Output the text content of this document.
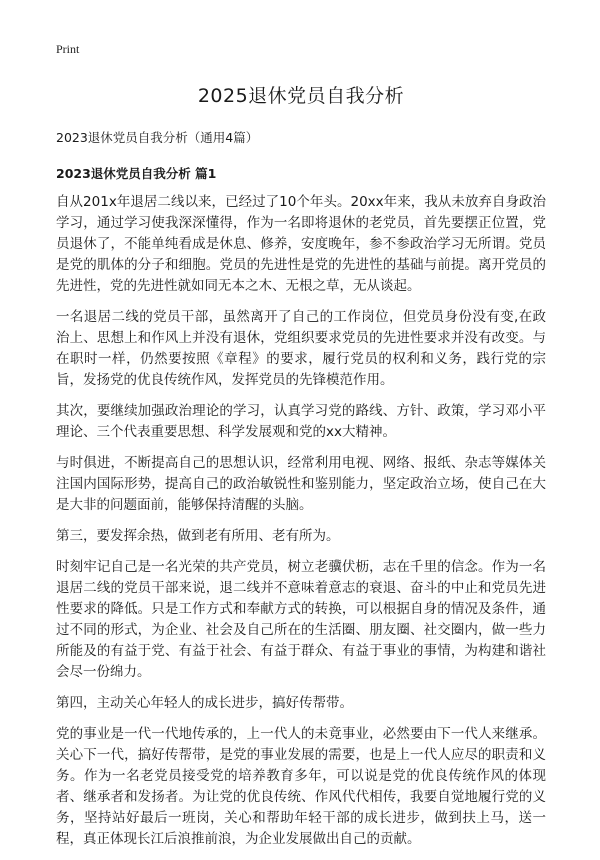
Print
2025退休党员自我分析

2023退休党员自我分析（通用4篇）

2023退休党员自我分析 篇1

自从201x年退居二线以来，已经过了10个年头。20xx年来，我从未放弃自身政治学习，通过学习使我深深懂得，作为一名即将退休的老党员，首先要摆正位置，党员退休了，不能单纯看成是休息、修养，安度晚年，参不参政治学习无所谓。党员是党的肌体的分子和细胞。党员的先进性是党的先进性的基础与前提。离开党员的先进性，党的先进性就如同无本之木、无根之草，无从谈起。

一名退居二线的党员干部，虽然离开了自己的工作岗位，但党员身份没有变,在政治上、思想上和作风上并没有退休，党组织要求党员的先进性要求并没有改变。与在职时一样，仍然要按照《章程》的要求，履行党员的权利和义务，践行党的宗旨，发扬党的优良传统作风，发挥党员的先锋模范作用。

其次，要继续加强政治理论的学习，认真学习党的路线、方针、政策，学习邓小平理论、三个代表重要思想、科学发展观和党的xx大精神。

与时俱进，不断提高自己的思想认识，经常利用电视、网络、报纸、杂志等媒体关注国内国际形势，提高自己的政治敏锐性和鉴别能力，坚定政治立场，使自己在大是大非的问题面前，能够保持清醒的头脑。

第三，要发挥余热，做到老有所用、老有所为。

时刻牢记自己是一名光荣的共产党员，树立老骥伏枥，志在千里的信念。作为一名退居二线的党员干部来说，退二线并不意味着意志的衰退、奋斗的中止和党员先进性要求的降低。只是工作方式和奉献方式的转换，可以根据自身的情况及条件，通过不同的形式，为企业、社会及自己所在的生活圈、朋友圈、社交圈内，做一些力所能及的有益于党、有益于社会、有益于群众、有益于事业的事情，为构建和谐社会尽一份绵力。

第四，主动关心年轻人的成长进步，搞好传帮带。

党的事业是一代一代地传承的，上一代人的未竟事业，必然要由下一代人来继承。关心下一代，搞好传帮带，是党的事业发展的需要，也是上一代人应尽的职责和义务。作为一名老党员接受党的培养教育多年，可以说是党的优良传统作风的体现者、继承者和发扬者。为让党的优良传统、作风代代相传，我要自觉地履行党的义务，坚持站好最后一班岗，关心和帮助年轻干部的成长进步，做到扶上马，送一程，真正体现长江后浪推前浪，为企业发展做出自己的贡献。
